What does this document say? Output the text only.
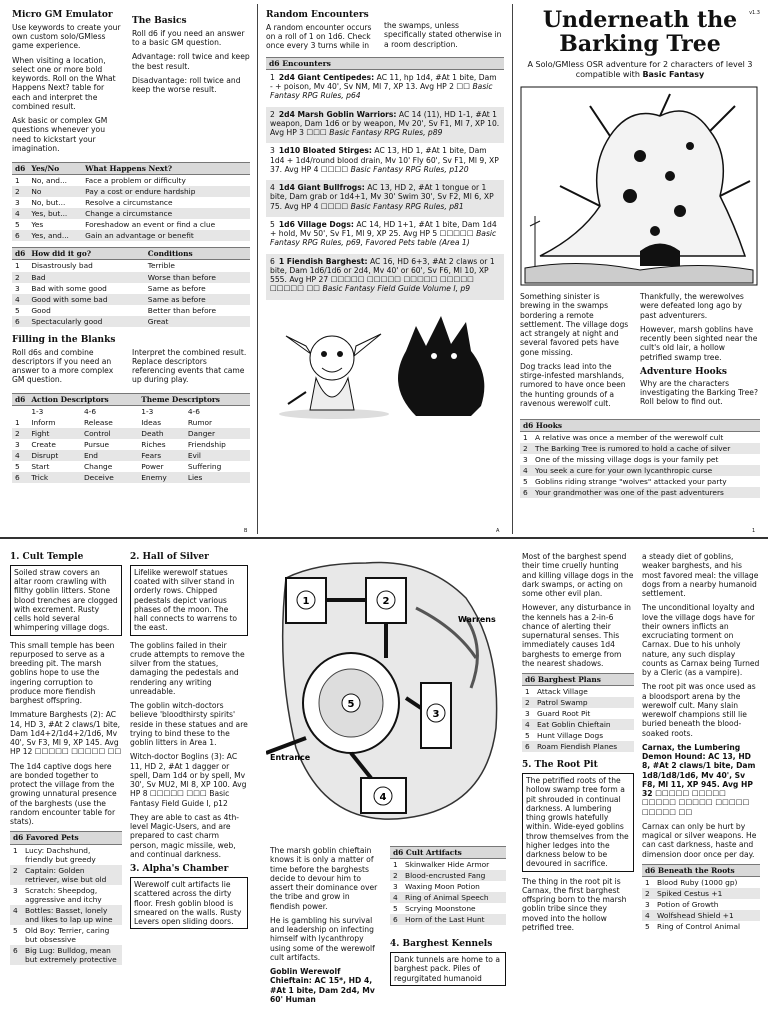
Micro GM Emulator
Use keywords to create your own custom solo/GMless game experience.
When visiting a location, select one or more bold keywords. Roll on the What Happens Next? table for each and interpret the combined result.
Ask basic or complex GM questions whenever you need to kickstart your imagination.
The Basics
Roll d6 if you need an answer to a basic GM question.
Advantage: roll twice and keep the best result.
Disadvantage: roll twice and keep the worse result.
d6	Yes/No	What Happens Next?
1	No, and...	Face a problem or difficulty
2	No	Pay a cost or endure hardship
3	No, but...	Resolve a circumstance
4	Yes, but...	Change a circumstance
5	Yes	Foreshadow an event or find a clue
6	Yes, and...	Gain an advantage or benefit
d6	How did it go?	Conditions
1	Disastrously bad	Terrible
2	Bad	Worse than before
3	Bad with some good	Same as before
4	Good with some bad	Same as before
5	Good	Better than before
6	Spectacularly good	Great
Filling in the Blanks
Roll d6s and combine descriptors if you need an answer to a more complex GM question.
Interpret the combined result. Replace descriptors referencing events that came up during play.
d6	Action Descriptors		Theme Descriptors	
	1-3	4-6	1-3	4-6
1	Inform	Release	Ideas	Rumor
2	Fight	Control	Death	Danger
3	Create	Pursue	Riches	Friendship
4	Disrupt	End	Fears	Evil
5	Start	Change	Power	Suffering
6	Trick	Deceive	Enemy	Lies
B
Random Encounters
A random encounter occurs on a roll of 1 on 1d6. Check once every 3 turns while in
the swamps, unless specifically stated otherwise in a room description.
d6 Encounters
1 2d4 Giant Centipedes: AC 11, hp 1d4, #At 1 bite, Dam - + poison, Mv 40', Sv NM, Ml 7, XP 13. Avg HP 2 ☐☐ Basic Fantasy RPG Rules, p64
2 2d4 Marsh Goblin Warriors: AC 14 (11), HD 1-1, #At 1 weapon, Dam 1d6 or by weapon, Mv 20', Sv F1, Ml 7, XP 10. Avg HP 3 ☐☐☐ Basic Fantasy RPG Rules, p89
3 1d10 Bloated Stirges: AC 13, HD 1, #At 1 bite, Dam 1d4 + 1d4/round blood drain, Mv 10' Fly 60', Sv F1, Ml 9, XP 37. Avg HP 4 ☐☐☐☐ Basic Fantasy RPG Rules, p120
4 1d4 Giant Bullfrogs: AC 13, HD 2, #At 1 tongue or 1 bite, Dam grab or 1d4+1, Mv 30' Swim 30', Sv F2, Ml 6, XP 75. Avg HP 4 ☐☐☐☐ Basic Fantasy RPG Rules, p81
5 1d6 Village Dogs: AC 14, HD 1+1, #At 1 bite, Dam 1d4 + hold, Mv 50', Sv F1, Ml 9, XP 25. Avg HP 5 ☐☐☐☐☐ Basic Fantasy RPG Rules, p69, Favored Pets table (Area 1)
6 1 Fiendish Barghest: AC 16, HD 6+3, #At 2 claws or 1 bite, Dam 1d6/1d6 or 2d4, Mv 40' or 60', Sv F6, Ml 10, XP 555. Avg HP 27 ☐☐☐☐☐ ☐☐☐☐☐ ☐☐☐☐☐ ☐☐☐☐☐ ☐☐☐☐☐ ☐☐ Basic Fantasy Field Guide Volume I, p9
A
v1.3
Underneath the
Barking Tree
A Solo/GMless OSR adventure for 2 characters of level 3 compatible with Basic Fantasy
Something sinister is brewing in the swamps bordering a remote settlement. The village dogs act strangely at night and several favored pets have gone missing.
Dog tracks lead into the stirge-infested marshlands, rumored to have once been the hunting grounds of a ravenous werewolf cult.
Thankfully, the werewolves were defeated long ago by past adventurers.
However, marsh goblins have recently been sighted near the cult's old lair, a hollow petrified swamp tree.
Adventure Hooks
Why are the characters investigating the Barking Tree? Roll below to find out.
d6 Hooks	
1	A relative was once a member of the werewolf cult
2	The Barking Tree is rumored to hold a cache of silver
3	One of the missing village dogs is your family pet
4	You seek a cure for your own lycanthropic curse
5	Goblins riding strange "wolves" attacked your party
6	Your grandmother was one of the past adventurers
1
1. Cult Temple
Soiled straw covers an altar room crawling with filthy goblin litters. Stone blood trenches are clogged with excrement. Rusty cells hold several whimpering village dogs.
This small temple has been repurposed to serve as a breeding pit. The marsh goblins hope to use the ingering corruption to produce more fiendish barghest offspring.
Immature Barghests (2): AC 14, HD 3, #At 2 claws/1 bite, Dam 1d4+2/1d4+2/1d6, Mv 40', Sv F3, Ml 9, XP 145. Avg HP 12 ☐☐☐☐☐ ☐☐☐☐☐ ☐☐
The 1d4 captive dogs here are bonded together to protect the village from the growing unnatural presence of the barghests (use the random encounter table for stats).
d6 Favored Pets	
1	Lucy: Dachshund, friendly but greedy
2	Captain: Golden retriever, wise but old
3	Scratch: Sheepdog, aggressive and itchy
4	Bottles: Basset, lonely and likes to lap up wine
5	Old Boy: Terrier, caring but obsessive
6	Big Lug: Bulldog, mean but extremely protective
2. Hall of Silver
Lifelike werewolf statues coated with silver stand in orderly rows. Chipped pedestals depict various phases of the moon. The hall connects to warrens to the east.
The goblins failed in their crude attempts to remove the silver from the statues, damaging the pedestals and rendering any writing unreadable.
The goblin witch-doctors believe 'bloodthirsty spirits' reside in these statues and are trying to bind these to the goblin litters in Area 1.
Witch-doctor Boglins (3): AC 11, HD 2, #At 1 dagger or spell, Dam 1d4 or by spell, Mv 30', Sv MU2, Ml 8, XP 100. Avg HP 8 ☐☐☐☐☐ ☐☐☐ Basic Fantasy Field Guide I, p12
They are able to cast as 4th-level Magic-Users, and are prepared to cast charm person, magic missile, web, and continual darkness.
3. Alpha's Chamber
Werewolf cult artifacts lie scattered across the dirty floor. Fresh goblin blood is smeared on the walls. Rusty Levers open sliding doors.
1	2
3
4
5
Warrens
Entrance
The marsh goblin chieftain knows it is only a matter of time before the barghests decide to devour him to assert their dominance over the tribe and grow in fiendish power.
He is gambling his survival and leadership on infecting himself with lycanthropy using some of the werewolf cult artifacts.
Goblin Werewolf Chieftain: AC 15*, HD 4, #At 1 bite, Dam 2d4, Mv 60' Human
d6 Cult Artifacts	
1	Skinwalker Hide Armor
2	Blood-encrusted Fang
3	Waxing Moon Potion
4	Ring of Animal Speech
5	Scrying Moonstone
6	Horn of the Last Hunt
4. Barghest Kennels
Dank tunnels are home to a barghest pack. Piles of regurgitated humanoid
Most of the barghest spend their time cruelly hunting and killing village dogs in the dark swamps, or acting on some other evil plan.
However, any disturbance in the kennels has a 2-in-6 chance of alerting their supernatural senses. This immediately causes 1d4 barghests to emerge from the nearest shadows.
d6 Barghest Plans	
1	Attack Village
2	Patrol Swamp
3	Guard Root Pit
4	Eat Goblin Chieftain
5	Hunt Village Dogs
6	Roam Fiendish Planes
5. The Root Pit
The petrified roots of the hollow swamp tree form a pit shrouded in continual darkness. A lumbering thing growls hatefully within. Wide-eyed goblins throw themselves from the higher ledges into the darkness below to be devoured in sacrifice.
The thing in the root pit is Carnax, the first barghest offspring born to the marsh goblin tribe since they moved into the hollow petrified tree.
a steady diet of goblins, weaker barghests, and his most favored meal: the village dogs from a nearby humanoid settlement.
The unconditional loyalty and love the village dogs have for their owners inflicts an excruciating torment on Carnax. Due to his unholy nature, any such display counts as Carnax being Turned by a Cleric (as a vampire).
The root pit was once used as a bloodsport arena by the werewolf cult. Many slain werewolf champions still lie buried beneath the blood-soaked roots.
Carnax, the Lumbering Demon Hound: AC 13, HD 8, #At 2 claws/1 bite, Dam 1d8/1d8/1d6, Mv 40', Sv F8, Ml 11, XP 945. Avg HP 32 ☐☐☐☐☐ ☐☐☐☐☐ ☐☐☐☐☐ ☐☐☐☐☐ ☐☐☐☐☐ ☐☐☐☐☐ ☐☐
Carnax can only be hurt by magical or silver weapons. He can cast darkness, haste and dimension door once per day.
d6 Beneath the Roots	
1	Blood Ruby (1000 gp)
2	Spiked Cestus +1
3	Potion of Growth
4	Wolfshead Shield +1
5	Ring of Control Animal
